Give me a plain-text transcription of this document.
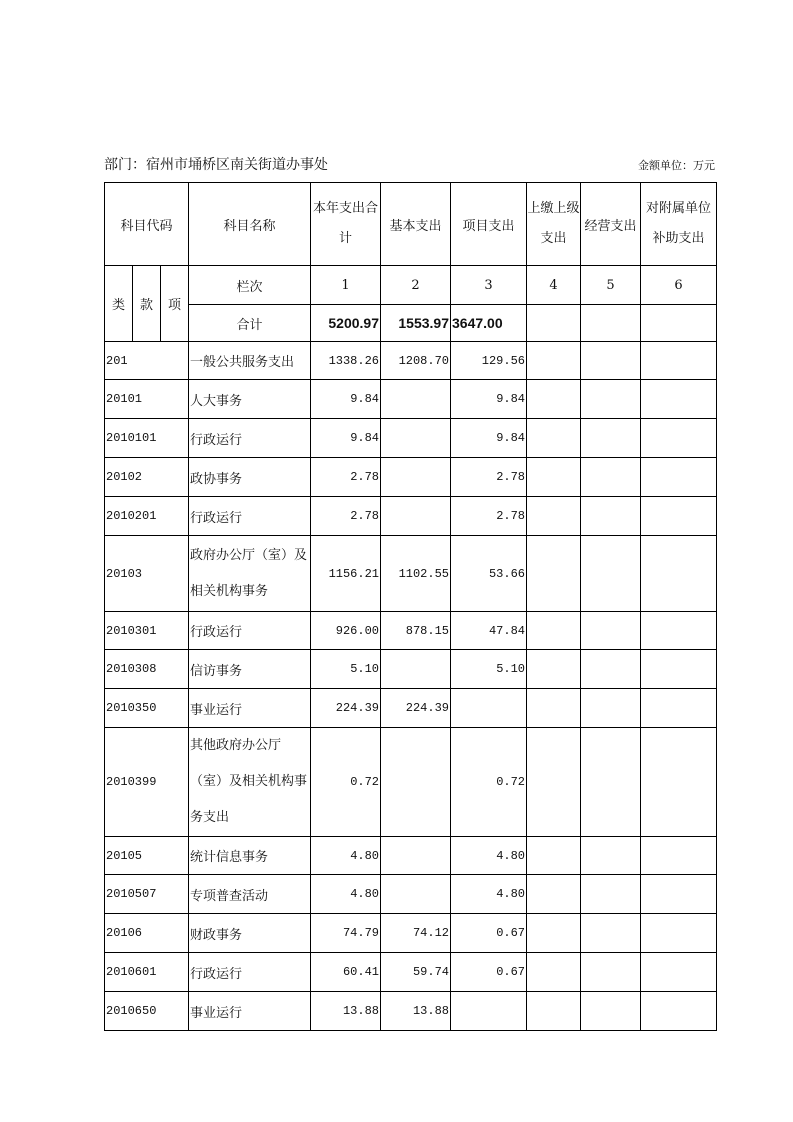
部门：宿州市埇桥区南关街道办事处	金额单位：万元
科目代码			科目名称	本年支出合计	基本支出	项目支出	上缴上级支出	经营支出	对附属单位补助支出
类	款	项	栏次	1	2	3	4	5	6
			合计	5200.97	1553.97	3647.00			
201			一般公共服务支出	1338.26	1208.70	129.56			
20101			人大事务	9.84		9.84			
2010101			行政运行	9.84		9.84			
20102			政协事务	2.78		2.78			
2010201			行政运行	2.78		2.78			
20103			政府办公厅（室）及相关机构事务	1156.21	1102.55	53.66			
2010301			行政运行	926.00	878.15	47.84			
2010308			信访事务	5.10		5.10			
2010350			事业运行	224.39	224.39				
2010399			其他政府办公厅（室）及相关机构事务支出	0.72		0.72			
20105			统计信息事务	4.80		4.80			
2010507			专项普查活动	4.80		4.80			
20106			财政事务	74.79	74.12	0.67			
2010601			行政运行	60.41	59.74	0.67			
2010650			事业运行	13.88	13.88				
